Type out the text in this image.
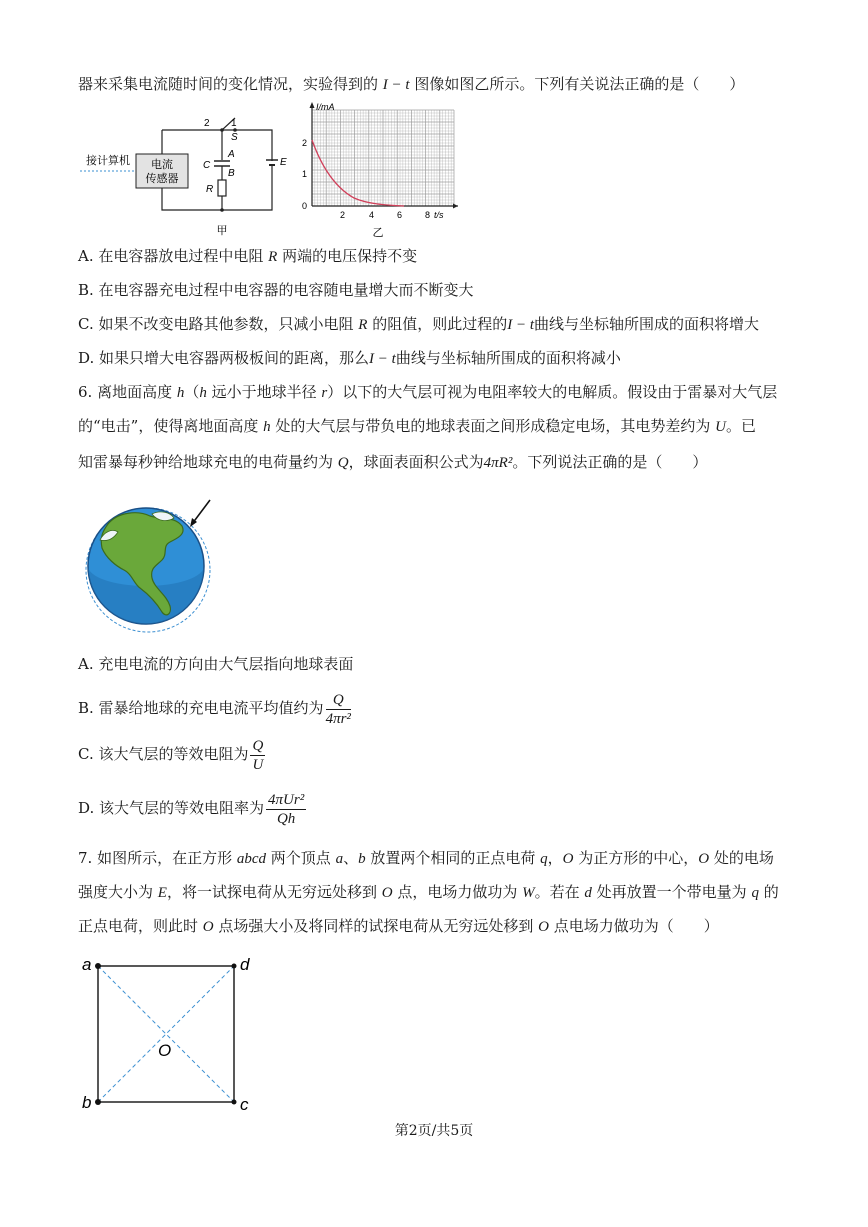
器来采集电流随时间的变化情况，实验得到的 I − t 图像如图乙所示。下列有关说法正确的是（　　）
电流
传感器
接计算机
2 1
S
A
C
B
R
E
甲
I/mA
t/s
2
1
0
2	4	6	8
乙
A. 在电容器放电过程中电阻 R 两端的电压保持不变
B. 在电容器充电过程中电容器的电容随电量增大而不断变大
C. 如果不改变电路其他参数，只减小电阻 R 的阻值，则此过程的I − t曲线与坐标轴所围成的面积将增大
D. 如果只增大电容器两极板间的距离，那么I − t曲线与坐标轴所围成的面积将减小
6. 离地面高度 h（h 远小于地球半径 r）以下的大气层可视为电阻率较大的电解质。假设由于雷暴对大气层
的“电击”，使得离地面高度 h 处的大气层与带负电的地球表面之间形成稳定电场，其电势差约为 U。已
知雷暴每秒钟给地球充电的电荷量约为 Q，球面表面积公式为4πR²。下列说法正确的是（　　）
A. 充电电流的方向由大气层指向地球表面
B. 雷暴给地球的充电电流平均值约为 $\frac{Q}{\text{4πr²}}$
C. 该大气层的等效电阻为 $\frac{Q}{U}$
D. 该大气层的等效电阻率为 $\frac{\text{4πUr²}}{Qh}$
7. 如图所示，在正方形 abcd 两个顶点 a、b 放置两个相同的正点电荷 q，O 为正方形的中心，O 处的电场
强度大小为 E，将一试探电荷从无穷远处移到 O 点，电场力做功为 W。若在 d 处再放置一个带电量为 q 的
正点电荷，则此时 O 点场强大小及将同样的试探电荷从无穷远处移到 O 点电场力做功为（　　）
a	d
b	c
O
第2页/共5页
